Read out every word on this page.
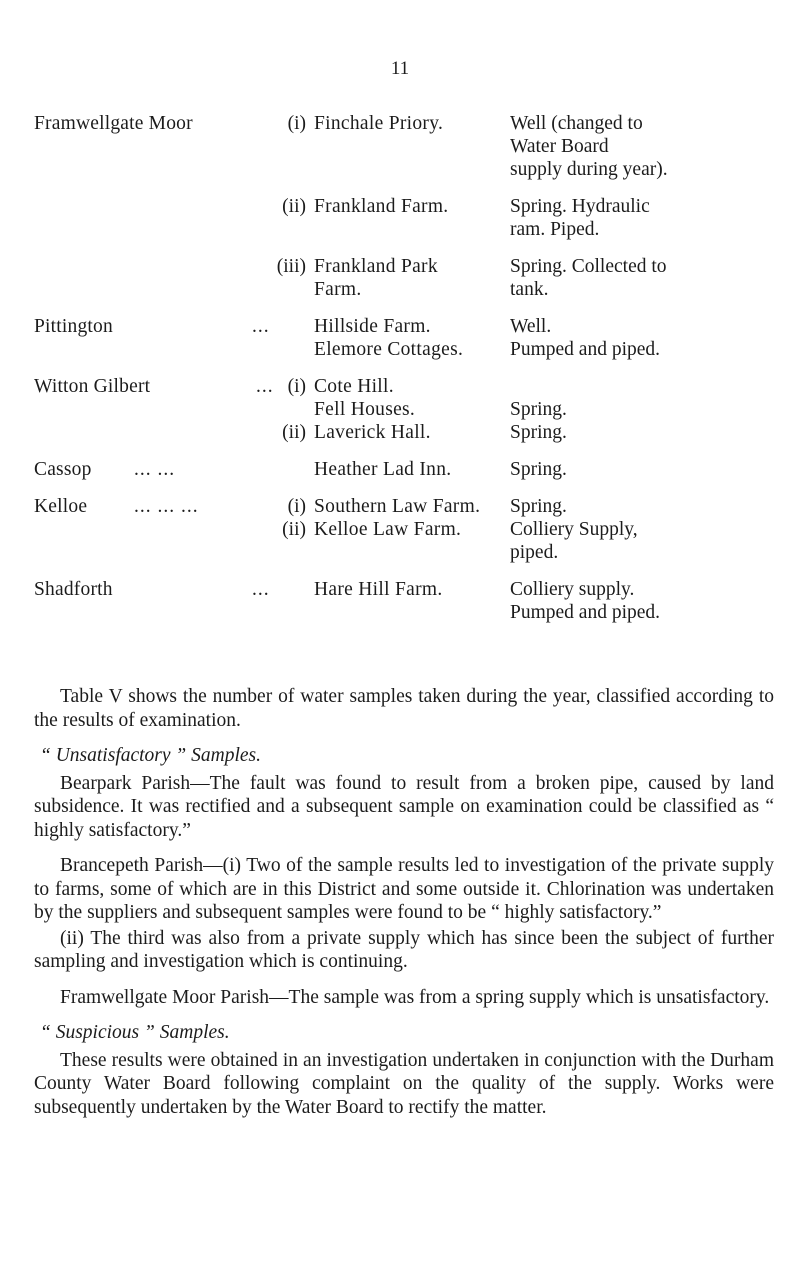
11
Framwellgate Moor	(i) Finchale Priory.	Well (changed to
Water Board
supply during year).
(ii) Frankland Farm.	Spring. Hydraulic
ram. Piped.
(iii) Frankland Park	Spring. Collected to
Farm.	tank.
Pittington	... Hillside Farm.	Well.
Elemore Cottages. Pumped and piped.
Witton Gilbert	... (i) Cote Hill.
Fell Houses.	Spring.
(ii) Laverick Hall.	Spring.
Cassop ... ...	Heather Lad Inn.	Spring.
Kelloe ... ... ...	(i) Southern Law Farm. Spring.
(ii) Kelloe Law Farm.	Colliery Supply,
piped.
Shadforth	... Hare Hill Farm.	Colliery supply.
Pumped and piped.

Table V shows the number of water samples taken during the year, classified according to the results of examination.

“ Unsatisfactory ” Samples.

Bearpark Parish—The fault was found to result from a broken pipe, caused by land subsidence. It was rectified and a subsequent sample on examination could be classified as “ highly satisfactory.”

Brancepeth Parish—(i) Two of the sample results led to investigation of the private supply to farms, some of which are in this District and some outside it. Chlorination was undertaken by the suppliers and subsequent samples were found to be “ highly satisfactory.”

(ii) The third was also from a private supply which has since been the subject of further sampling and investigation which is continuing.

Framwellgate Moor Parish—The sample was from a spring supply which is unsatisfactory.

“ Suspicious ” Samples.

These results were obtained in an investigation undertaken in conjunction with the Durham County Water Board following complaint on the quality of the supply. Works were subsequently undertaken by the Water Board to rectify the matter.
